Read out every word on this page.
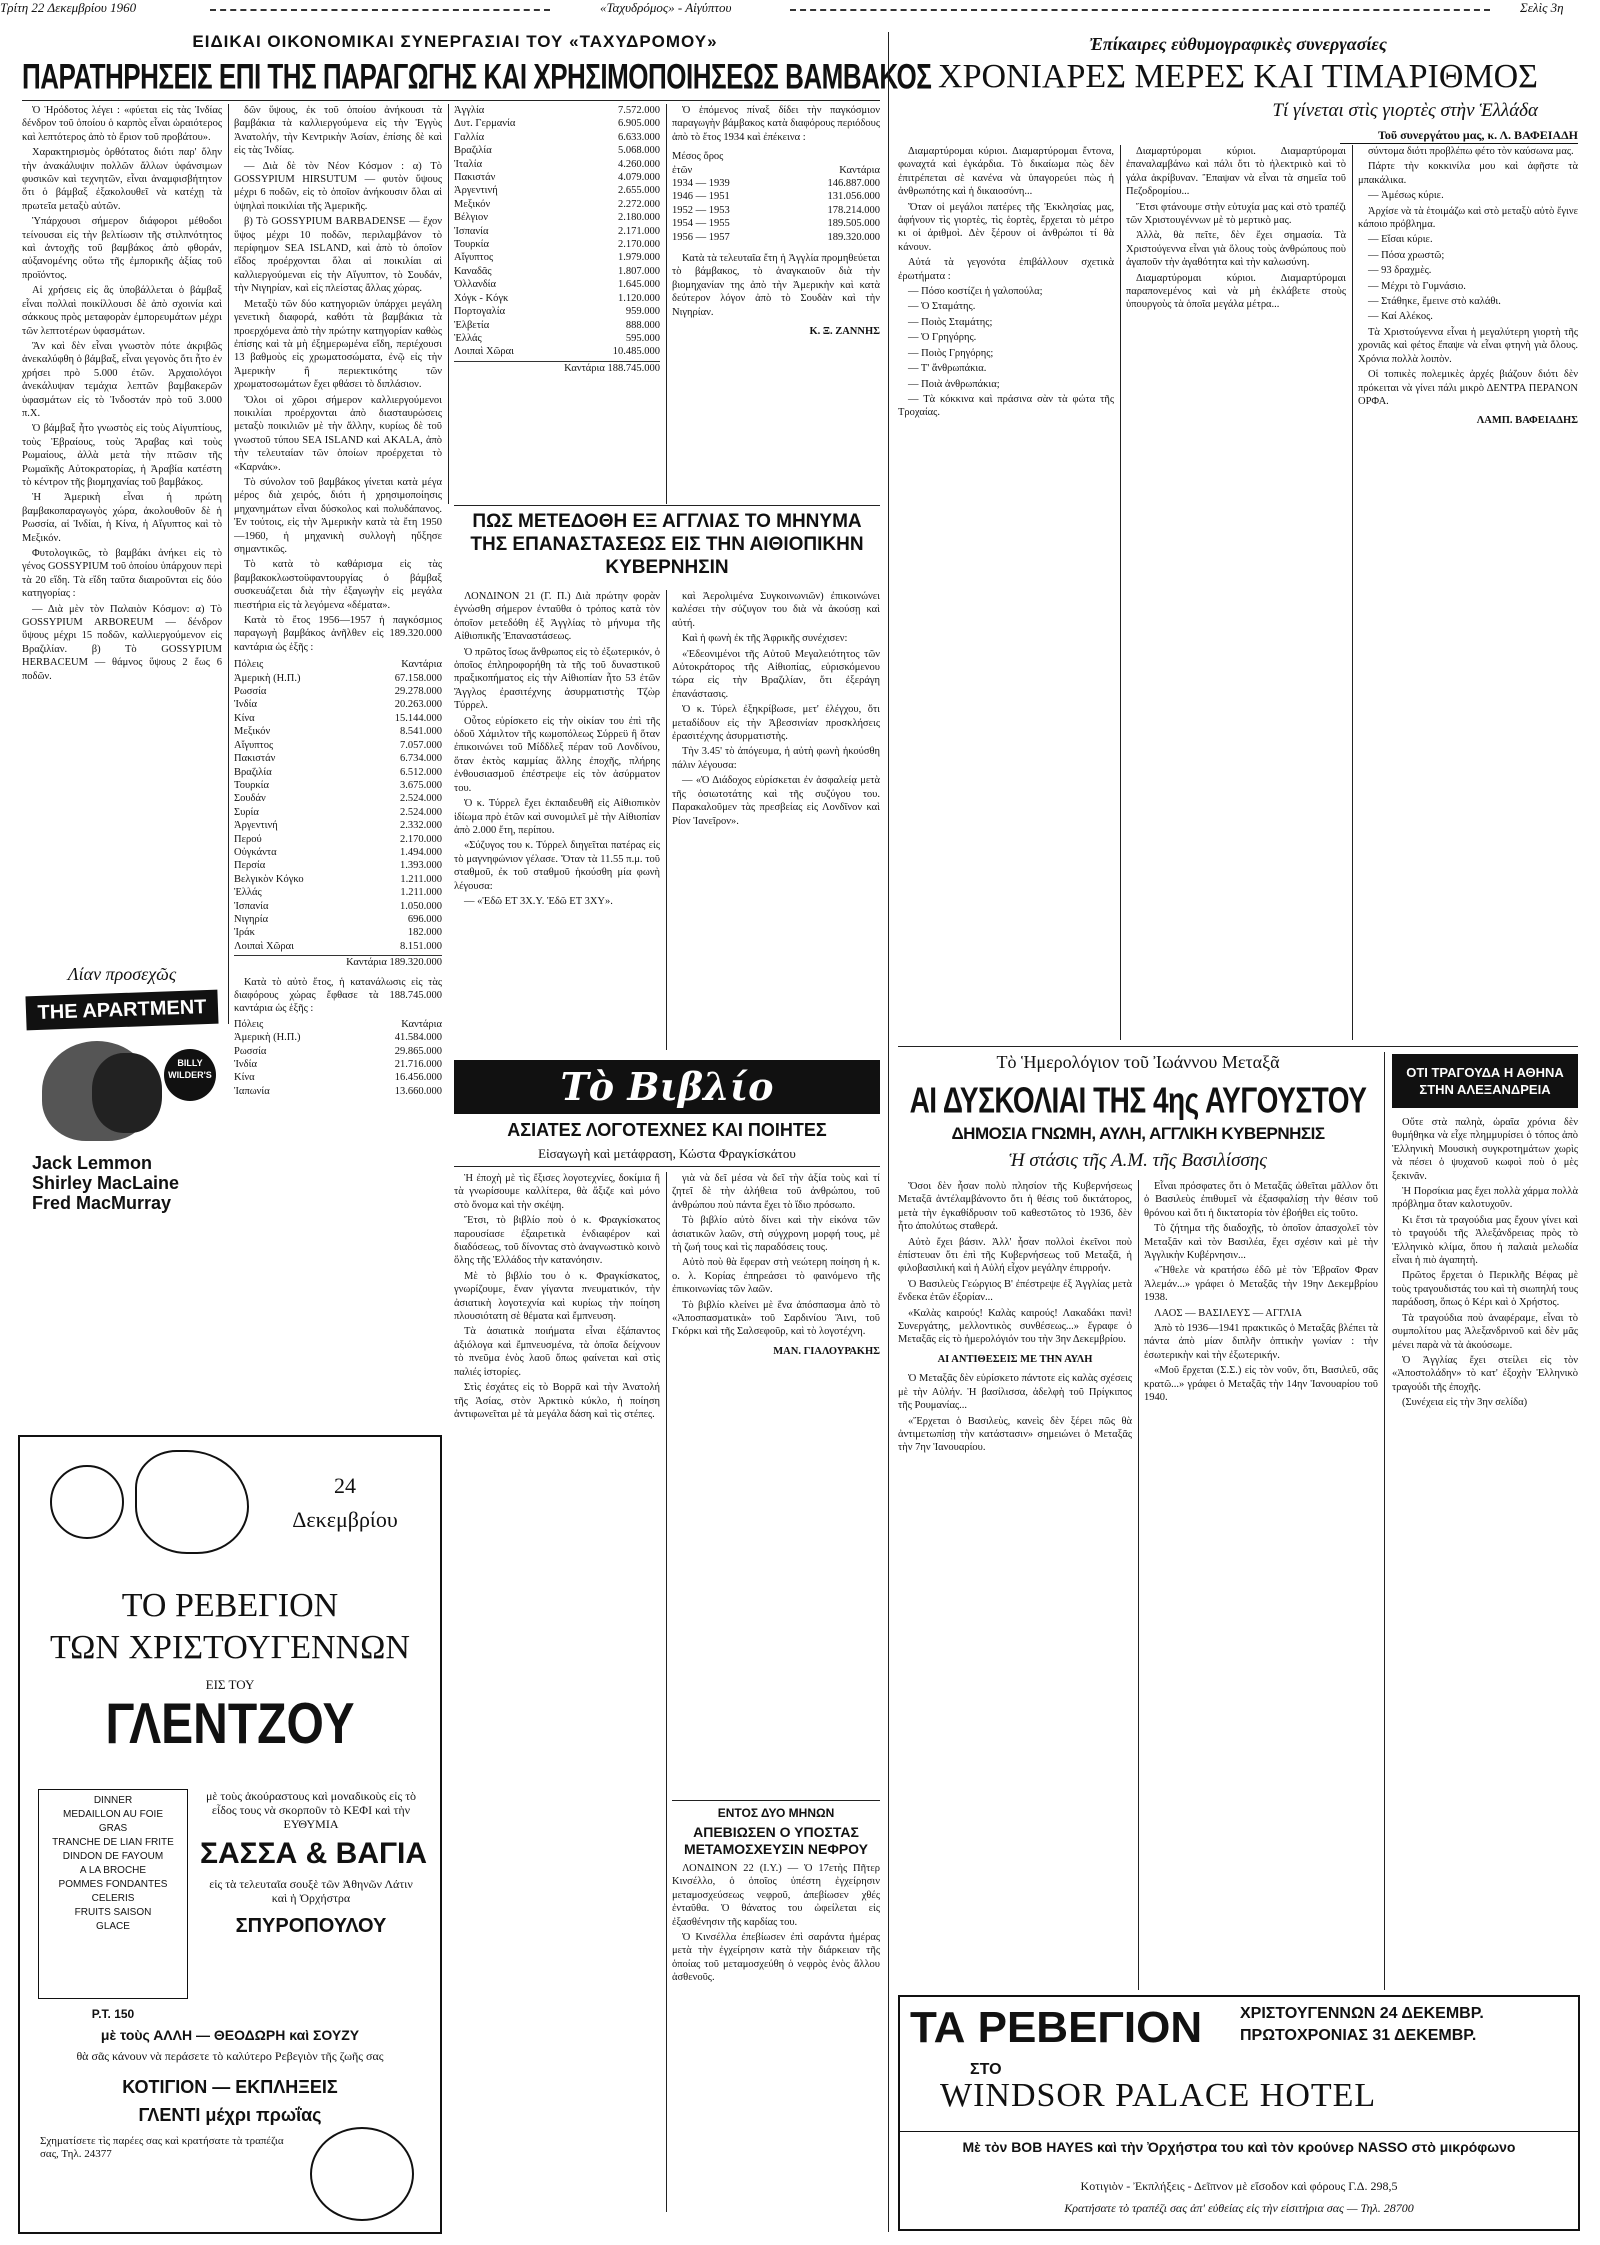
Τρίτη 22 Δεκεμβρίου 1960	«Ταχυδρόμος» - Αἰγύπτου	Σελὶς 3η
ΕΙΔΙΚΑΙ ΟΙΚΟΝΟΜΙΚΑΙ ΣΥΝΕΡΓΑΣΙΑΙ ΤΟΥ «ΤΑΧΥΔΡΟΜΟΥ»
ΠΑΡΑΤΗΡΗΣΕΙΣ ΕΠΙ ΤΗΣ ΠΑΡΑΓΩΓΗΣ ΚΑΙ ΧΡΗΣΙΜΟΠΟΙΗΣΕΩΣ ΒΑΜΒΑΚΟΣ

Ὁ Ἡρόδοτος λέγει : «φύεται εἰς τὰς Ἰνδίας δένδρον τοῦ ὁποίου ὁ καρπὸς εἶναι ὡραιότερος καὶ λεπτότερος ἀπὸ τὸ ἔριον τοῦ προβάτου».

Χαρακτηρισμὸς ὀρθότατος διότι παρ' ὅλην τὴν ἀνακάλυψιν πολλῶν ἄλλων ὑφάνσιμων φυσικῶν καὶ τεχνητῶν, εἶναι ἀναμφισβήτητον ὅτι ὁ βάμβαξ ἐξακολουθεῖ νὰ κατέχῃ τὰ πρωτεῖα μεταξὺ αὐτῶν.

Ὑπάρχουσι σήμερον διάφοροι μέθοδοι τείνουσαι εἰς τὴν βελτίωσιν τῆς στιλπνότητος καὶ ἀντοχῆς τοῦ βαμβάκος ἀπὸ φθοράν, αὐξανομένης οὕτω τῆς ἐμπορικῆς ἀξίας τοῦ προϊόντος.

Αἱ χρήσεις εἰς ἃς ὑποβάλλεται ὁ βάμβαξ εἶναι πολλαὶ ποικίλλουσι δὲ ἀπὸ σχοινία καὶ σάκκους πρὸς μεταφορὰν ἐμπορευμάτων μέχρι τῶν λεπτοτέρων ὑφασμάτων.

Ἂν καὶ δὲν εἶναι γνωστὸν πότε ἀκριβῶς ἀνεκαλύφθη ὁ βάμβαξ, εἶναι γεγονὸς ὅτι ἦτο ἐν χρήσει πρὸ 5.000 ἐτῶν. Ἀρχαιολόγοι ἀνεκάλυψαν τεμάχια λεπτῶν βαμβακερῶν ὑφασμάτων εἰς τὸ Ἰνδοστάν πρὸ τοῦ 3.000 π.Χ.

Ὁ βάμβαξ ἦτο γνωστὸς εἰς τοὺς Αἰγυπτίους, τοὺς Ἑβραίους, τοὺς Ἄραβας καὶ τοὺς Ρωμαίους, ἀλλὰ μετὰ τὴν πτῶσιν τῆς Ρωμαϊκῆς Αὐτοκρατορίας, ἡ Ἀραβία κατέστη τὸ κέντρον τῆς βιομηχανίας τοῦ βαμβάκος.

Ἡ Ἀμερικὴ εἶναι ἡ πρώτη βαμβακοπαραγωγὸς χώρα, ἀκολουθοῦν δὲ ἡ Ρωσσία, αἱ Ἰνδίαι, ἡ Κίνα, ἡ Αἴγυπτος καὶ τὸ Μεξικόν.

Φυτολογικῶς, τὸ βαμβάκι ἀνήκει εἰς τὸ γένος GOSSYPIUM τοῦ ὁποίου ὑπάρχουν περὶ τὰ 20 εἴδη. Τὰ εἴδη ταῦτα διαιροῦνται εἰς δύο κατηγορίας :

— Διὰ μὲν τὸν Παλαιὸν Κόσμον: α) Τὸ GOSSYPIUM ARBOREUM — δένδρον ὕψους μέχρι 15 ποδῶν, καλλιεργούμενον εἰς Βραζιλίαν. β) Τὸ GOSSYPIUM HERBACEUM — θάμνος ὕψους 2 ἕως 6 ποδῶν.

δῶν ὕψους, ἐκ τοῦ ὁποίου ἀνήκουσι τὰ βαμβάκια τὰ καλλιεργούμενα εἰς τὴν Ἐγγὺς Ἀνατολήν, τὴν Κεντρικὴν Ἀσίαν, ἐπίσης δὲ καὶ εἰς τὰς Ἰνδίας.

— Διὰ δὲ τὸν Νέον Κόσμον : α) Τὸ GOSSYPIUM HIRSUTUM — φυτὸν ὕψους μέχρι 6 ποδῶν, εἰς τὸ ὁποῖον ἀνήκουσιν ὅλαι αἱ ὑψηλαὶ ποικιλίαι τῆς Ἀμερικῆς.

β) Τὸ GOSSYPIUM BARBADENSE — ἔχον ὕψος μέχρι 10 ποδῶν, περιλαμβάνον τὸ περίφημον SEA ISLAND, καὶ ἀπὸ τὸ ὁποῖον εἴδος προέρχονται ὅλαι αἱ ποικιλίαι αἱ καλλιεργούμεναι εἰς τὴν Αἴγυπτον, τὸ Σουδάν, τὴν Νιγηρίαν, καὶ εἰς πλείστας ἄλλας χώρας.

Μεταξὺ τῶν δύο κατηγοριῶν ὑπάρχει μεγάλη γενετικὴ διαφορά, καθότι τὰ βαμβάκια τὰ προερχόμενα ἀπὸ τὴν πρώτην κατηγορίαν καθὼς ἐπίσης καὶ τὰ μὴ ἐξημερωμένα εἴδη, περιέχουσι 13 βαθμοὺς εἰς χρωματοσώματα, ἐνῷ εἰς τὴν Ἀμερικὴν ἢ περιεκτικότης τῶν χρωματοσωμάτων ἔχει φθάσει τὸ διπλάσιον.

Ὅλοι οἱ χῶροι σήμερον καλλιεργούμενοι ποικιλίαι προέρχονται ἀπὸ διασταυρώσεις μεταξὺ ποικιλιῶν μὲ τὴν ἄλλην, κυρίως δὲ τοῦ γνωστοῦ τύπου SEA ISLAND καὶ AKALA, ἀπὸ τὴν τελευταίαν τῶν ὁποίων προέρχεται τὸ «Καρνάκ».

Τὸ σύνολον τοῦ βαμβάκος γίνεται κατὰ μέγα μέρος διὰ χειρός, διότι ἡ χρησιμοποίησις μηχανημάτων εἶναι δύσκολος καὶ πολυδάπανος. Ἐν τούτοις, εἰς τὴν Ἀμερικὴν κατὰ τὰ ἔτη 1950—1960, ἡ μηχανικὴ συλλογὴ ηὔξησε σημαντικῶς.

Τὸ κατὰ τὸ καθάρισμα εἰς τὰς βαμβακοκλωστοϋφαντουργίας ὁ βάμβαξ συσκευάζεται διὰ τὴν ἐξαγωγὴν εἰς μεγάλα πιεστήρια εἰς τὰ λεγόμενα «δέματα».

Κατὰ τὸ ἔτος 1956—1957 ἡ παγκόσμιος παραγωγὴ βαμβάκος ἀνῆλθεν εἰς 189.320.000 καντάρια ὡς ἑξῆς :

Πόλεις	Καντάρια
Ἀμερικὴ (Η.Π.)	67.158.000
Ρωσσία	29.278.000
Ἰνδία	20.263.000
Κίνα	15.144.000
Μεξικόν	8.541.000
Αἴγυπτος	7.057.000
Πακιστάν	6.734.000
Βραζιλία	6.512.000
Τουρκία	3.675.000
Σουδάν	2.524.000
Συρία	2.524.000
Ἀργεντινή	2.332.000
Περού	2.170.000
Οὐγκάντα	1.494.000
Περσία	1.393.000
Βελγικὸν Κόγκο	1.211.000
Ἑλλάς	1.211.000
Ἰσπανία	1.050.000
Νιγηρία	696.000
Ἰράκ	182.000
Λοιπαὶ Χῶραι	8.151.000
Καντάρια 189.320.000

Κατὰ τὸ αὐτὸ ἔτος, ἡ κατανάλωσις εἰς τὰς διαφόρους χώρας ἔφθασε τὰ 188.745.000 καντάρια ὡς ἑξῆς :

Πόλεις	Καντάρια
Ἀμερικὴ (Η.Π.)	41.584.000
Ρωσσία	29.865.000
Ἰνδία	21.716.000
Κίνα	16.456.000
Ἰαπωνία	13.660.000
Ἀγγλία	7.572.000
Δυτ. Γερμανία	6.905.000
Γαλλία	6.633.000
Βραζιλία	5.068.000
Ἰταλία	4.260.000
Πακιστάν	4.079.000
Ἀργεντινή	2.655.000
Μεξικόν	2.272.000
Βέλγιον	2.180.000
Ἰσπανία	2.171.000
Τουρκία	2.170.000
Αἴγυπτος	1.979.000
Καναδᾶς	1.807.000
Ὁλλανδία	1.645.000
Χόγκ - Κόγκ	1.120.000
Πορτογαλία	959.000
Ἑλβετία	888.000
Ἑλλάς	595.000
Λοιπαὶ Χῶραι	10.485.000
Καντάρια 188.745.000

Ὁ ἑπόμενος πίναξ δίδει τὴν παγκόσμιον παραγωγὴν βάμβακος κατὰ διαφόρους περιόδους ἀπὸ τὸ ἔτος 1934 καὶ ἐπέκεινα :

Μέσος ὅρος	
ἐτῶν	Καντάρια
1934 — 1939	146.887.000
1946 — 1951	131.056.000
1952 — 1953	178.214.000
1954 — 1955	189.505.000
1956 — 1957	189.320.000

Κατὰ τὰ τελευταῖα ἔτη ἡ Ἀγγλία προμηθεύεται τὸ βάμβακος, τὸ ἀναγκαιοῦν διὰ τὴν βιομηχανίαν της ἀπὸ τὴν Ἀμερικὴν καὶ κατὰ δεύτερον λόγον ἀπὸ τὸ Σουδὰν καὶ τὴν Νιγηρίαν.

Κ. Ξ. ΖΑΝΝΗΣ
ΠΩΣ ΜΕΤΕΔΟΘΗ ΕΞ ΑΓΓΛΙΑΣ ΤΟ ΜΗΝΥΜΑ ΤΗΣ ΕΠΑΝΑΣΤΑΣΕΩΣ ΕΙΣ ΤΗΝ ΑΙΘΙΟΠΙΚΗΝ ΚΥΒΕΡΝΗΣΙΝ

ΛΟΝΔΙΝΟΝ 21 (Γ. Π.) Διὰ πρώτην φορὰν ἐγνώσθη σήμερον ἐνταῦθα ὁ τρόπος κατὰ τὸν ὁποῖον μετεδόθη ἐξ Ἀγγλίας τὸ μήνυμα τῆς Αἰθιοπικῆς Ἐπαναστάσεως.

Ὁ πρῶτος ἴσως ἄνθρωπος εἰς τὸ ἐξωτερικόν, ὁ ὁποῖος ἐπληροφορήθη τὰ τῆς τοῦ δυναστικοῦ πραξικοπήματος εἰς τὴν Αἰθιοπίαν ἦτο 53 ἐτῶν Ἄγγλος ἐρασιτέχνης ἀσυρματιστὴς Τζὼρ Τύρρελ.

Οὗτος εὑρίσκετο εἰς τὴν οἰκίαν του ἐπὶ τῆς ὁδοῦ Χάμιλτον τῆς κωμοπόλεως Σύρρεϋ ἢ ὅταν ἐπικοινώνει τοῦ Μίδδλεξ πέραν τοῦ Λονδίνου, ὅταν ἐκτὸς καμμίας ἄλλης ἐποχῆς, πλήρης ἐνθουσιασμοῦ ἐπέστρεψε εἰς τὸν ἀσύρματον του.

Ὁ κ. Τύρρελ ἔχει ἐκπαιδευθῆ εἰς Αἰθιοπικὸν ἰδίωμα πρὸ ἐτῶν καὶ συνομιλεῖ μὲ τὴν Αἰθιοπίαν ἀπὸ 2.000 ἔτη, περίπου.

«Σύζυγος του κ. Τύρρελ διηγεῖται πατέρας εἰς τὸ μαγνηφώνιον γέλασε. Ὅταν τὰ 11.55 π.μ. τοῦ σταθμοῦ, ἐκ τοῦ σταθμοῦ ἡκούσθη μία φωνὴ λέγουσα:

— «Ἐδῶ ΕΤ 3Χ.Υ. Ἐδῶ ΕΤ 3ΧΥ».

καὶ Ἀερολιμένα Συγκοινωνιῶν) ἐπικοινώνει καλέσει τὴν σύζυγον του διὰ νὰ ἀκούσῃ καὶ αὐτή.

Καὶ ἡ φωνὴ ἐκ τῆς Ἀφρικῆς συνέχισεν:

«Ἐδεονιμένοι τῆς Αὐτοῦ Μεγαλειότητος τῶν Αὐτοκράτορος τῆς Αἰθιοπίας, εὑρισκόμενου τώρα εἰς τὴν Βραζιλίαν, ὅτι ἐξεράγη ἐπανάστασις.

Ὁ κ. Τύρελ ἐξηκρίβωσε, μετ' ἐλέγχου, ὅτι μεταδίδουν εἰς τὴν Ἀβεσσινίαν προσκλήσεις ἐρασιτέχνης ἀσυρματιστὴς.

Τὴν 3.45' τὸ ἀπόγευμα, ἡ αὐτὴ φωνὴ ἠκούσθη πάλιν λέγουσα:

— «Ὁ Διάδοχος εὑρίσκεται ἐν ἀσφαλείᾳ μετὰ τῆς ὁσιωτοτάτης καὶ τῆς συζύγου του. Παρακαλοῦμεν τὰς πρεσβείας εἰς Λονδῖνον καὶ Ρίον Ἰανεῖρον».

Λίαν προσεχῶς
THE APARTMENT
BILLY WILDER'S
Jack Lemmon
Shirley MacLaine
Fred MacMurray
24
Δεκεμβρίου
ΤΟ ΡΕΒΕΓΙΟΝ
ΤΩΝ ΧΡΙΣΤΟΥΓΕΝΝΩΝ
ΕΙΣ ΤΟΥ
ΓΛΕΝΤΖΟΥ
DINNER
MEDAILLON AU FOIE
GRAS
TRANCHE DE LIAN FRITE
DINDON DE FAYOUM
A LA BROCHE
POMMES FONDANTES
CELERIS
FRUITS SAISON
GLACE
P.T. 150
μὲ τοὺς ἀκούραστους καὶ μοναδικοὺς εἰς τὸ εἶδος τους νὰ σκορποῦν τὸ ΚΕΦΙ καὶ τὴν ΕΥΘΥΜΙΑ
ΣΑΣΣΑ & ΒΑΓΙΑ
εἰς τὰ τελευταῖα σουξὲ τῶν Ἀθηνῶν Λάτιν καὶ ἡ Ὀρχήστρα
ΣΠΥΡΟΠΟΥΛΟΥ
μὲ τοὺς ΑΛΛΗ — ΘΕΟΔΩΡΗ καὶ ΣΟΥΖΥ
θὰ σᾶς κάνουν νὰ περάσετε τὸ καλύτερο Ρεβεγιὸν τῆς ζωῆς σας
ΚΟΤΙΓΙΟΝ — ΕΚΠΛΗΞΕΙΣ
ΓΛΕΝΤΙ μέχρι πρωΐας
Σχηματίσετε τὶς παρέες σας καὶ κρατήσατε τὰ τραπέζια σας, Τηλ. 24377
Τὸ Βιβλίο
ΑΣΙΑΤΕΣ ΛΟΓΟΤΕΧΝΕΣ ΚΑΙ ΠΟΙΗΤΕΣ
Εἰσαγωγὴ καὶ μετάφραση, Κώστα Φραγκίσκάτου

Ἡ ἐποχὴ μὲ τὶς ἔξισες λογοτεχνίες, δοκίμια ἢ τὰ γνωρίσουμε καλλίτερα, θὰ ἄξιζε καὶ μόνο στὸ ὄνομα καὶ τὴν σκέψη.

Ἔτσι, τὸ βιβλίο ποὺ ὁ κ. Φραγκίσκατος παρουσίασε ἐξαιρετικὰ ἐνδιαφέρον καὶ διαδόσεως, τοῦ δίνοντας στὸ ἀναγνωστικὸ κοινὸ ὅλης τῆς Ἑλλάδος τὴν κατανόησιν.

Μὲ τὸ βιβλίο του ὁ κ. Φραγκίσκατος, γνωρίζουμε, ἔναν γίγαντα πνευματικόν, τὴν ἀσιατικὴ λογοτεχνία καὶ κυρίως τὴν ποίηση πλουσιότατη σὲ θέματα καὶ ἔμπνευση.

Τὰ ἀσιατικὰ ποιήματα εἶναι ἐξάπαντος ἀξιόλογα καὶ ἔμπνευσμένα, τὰ ὁποῖα δείχνουν τὸ πνεῦμα ἑνὸς λαοῦ ὅπως φαίνεται καὶ στὶς παλιές ἱστορίες.

Στὶς ἐσχάτες εἰς τὸ Βορρᾶ καὶ τὴν Ἀνατολή τῆς Ἀσίας, στὸν Ἀρκτικὸ κύκλο, ἡ ποίηση ἀντιφωνεῖται μὲ τὰ μεγάλα δάση καὶ τὶς στέπες.

γιὰ νὰ δεῖ μέσα νὰ δεῖ τὴν ἀξία τοὺς καὶ τί ζητεῖ δὲ τὴν ἀλήθεια τοῦ ἀνθρώπου, τοῦ ἀνθρώπου ποὺ πάντα ἔχει τὸ ἴδιο πρόσωπο.

Τὸ βιβλίο αὐτὸ δίνει καὶ τὴν εἰκόνα τῶν ἀσιατικῶν λαῶν, στὴ σύγχρονη μορφή τους, μὲ τὴ ζωή τους καὶ τὶς παραδόσεις τους.

Αὐτὸ ποὺ θὰ ἔφεραν στὴ νεώτερη ποίηση ἡ κ. ο. λ. Κορίας ἐπηρεάσει τὸ φαινόμενο τῆς ἐπικοινωνίας τῶν λαῶν.

Τὸ βιβλίο κλείνει μὲ ἕνα ἀπόσπασμα ἀπὸ τὸ «Ἀποσπασματικὰ» τοῦ Σαρδινίου Ἄινι, τοῦ Γκόρκι καὶ τῆς Σαλσεφοῦρ, καὶ τὸ λογοτέχνη.

ΜΑΝ. ΓΙΑΛΟΥΡΑΚΗΣ
ΕΝΤΟΣ ΔΥΟ ΜΗΝΩΝ
ΑΠΕΒΙΩΣΕΝ Ο ΥΠΟΣΤΑΣ ΜΕΤΑΜΟΣΧΕΥΣΙΝ ΝΕΦΡΟΥ

ΛΟΝΔΙΝΟΝ 22 (Ι.Υ.) — Ὁ 17ετὴς Πῆτερ Κινσέλλο, ὁ ὁποῖος ὑπέστη ἐγχείρησιν μεταμοσχεύσεως νεφροῦ, ἀπεβίωσεν χθές ἐνταῦθα. Ὁ θάνατος του ὠφείλεται εἰς ἐξασθένησιν τῆς καρδίας του.

Ὁ Κινσέλλα ἐπεβίωσεν ἐπὶ σαράντα ἡμέρας μετὰ τὴν ἐγχείρησιν κατὰ τὴν διάρκειαν τῆς ὁποίας τοῦ μεταμοσχεύθη ὁ νεφρὸς ἑνὸς ἄλλου ἀσθενοῦς.

Ἐπίκαιρες εὐθυμογραφικὲς συνεργασίες
ΧΡΟΝΙΑΡΕΣ ΜΕΡΕΣ ΚΑΙ ΤΙΜΑΡΙΘΜΟΣ
Τί γίνεται στὶς γιορτὲς στὴν Ἑλλάδα
Τοῦ συνεργάτου μας, κ. Λ. ΒΑΦΕΙΑΔΗ

Διαμαρτύρομαι κύριοι. Διαμαρτύρομαι ἔντονα, φωναχτά καὶ ἐγκάρδια. Τὸ δικαίωμα πὼς δὲν ἐπιτρέπεται σὲ κανένα νὰ ὑπαγορεύει πὼς ἡ ἀνθρωπότης καὶ ἡ δικαιοσύνη...

Ὅταν οἱ μεγάλοι πατέρες τῆς Ἐκκλησίας μας, ἀφήνουν τὶς γιορτὲς, τὶς ἑορτὲς, ἔρχεται τὸ μέτρο κι οἱ ἀριθμοὶ. Δὲν ξέρουν οἱ ἀνθρώποι τί θὰ κάνουν.

Αὐτά τὰ γεγονότα ἐπιβάλλουν σχετικὰ ἐρωτήματα :

— Πόσο κοστίζει ἡ γαλοπούλα;

— Ὁ Σταμάτης.

— Ποιὸς Σταμάτης;

— Ὁ Γρηγόρης.

— Ποιὸς Γρηγόρης;

— Τ' ἄνθρωπάκια.

— Ποιὰ ἀνθρωπάκια;

— Τὰ κόκκινα καὶ πράσινα σὰν τὰ φώτα τῆς Τροχαίας.

Διαμαρτύρομαι κύριοι. Διαμαρτύρομαι ἐπαναλαμβάνω καὶ πάλι ὅτι τὸ ἠλεκτρικὸ καὶ τὸ γάλα ἀκρίβυναν. Ἔπαψαν νὰ εἶναι τὰ σημεῖα τοῦ Πεζοδρομίου...

Ἔτσι φτάνουμε στὴν εὐτυχία μας καὶ στὸ τραπέζι τῶν Χριστουγέννων μὲ τὸ μερτικὸ μας.

Ἀλλὰ, θὰ πεῖτε, δὲν ἔχει σημασία. Τὰ Χριστούγεννα εἶναι γιὰ ὅλους τοὺς ἀνθρώπους ποὺ ἀγαποῦν τὴν ἀγαθότητα καὶ τὴν καλωσύνη.

Διαμαρτύρομαι κύριοι. Διαμαρτύρομαι παραπονεμένος καὶ νὰ μὴ ἐκλάβετε στοὺς ὑπουργοὺς τὰ ὁποῖα μεγάλα μέτρα...

σύντομα διότι προβλέπω φέτο τὸν καύσωνα μας.

Πάρτε τὴν κοκκινίλα μου καὶ ἀφῆστε τὰ μπακάλικα.

— Ἀμέσως κύριε.

Ἀρχίσε νὰ τὰ ἑτοιμάζω καὶ στὸ μεταξὺ αὐτὸ ἔγινε κάποιο πρόβλημα.

— Εἴσαι κύριε.

— Πόσα χρωστῶ;

— 93 δραχμὲς.

— Μέχρι τὸ Γυμνάσιο.

— Στάθηκε, ἔμεινε στὸ καλάθι.

— Καί Αλέκος.

Τὰ Χριστούγεννα εἶναι ἡ μεγαλύτερη γιορτὴ τῆς χρονιᾶς καὶ φέτος ἔπαψε νὰ εἶναι φτηνὴ γιὰ ὅλους. Χρόνια πολλὰ λοιπὸν.

Οἱ τοπικὲς πολεμικὲς ἀρχές βιάζουν διότι δὲν πρόκειται νὰ γίνει πάλι μικρὸ ΔΕΝΤΡΑ ΠΕΡΑΝΟΝ ΟΡΦΑ.

ΛΑΜΠ. ΒΑΦΕΙΑΔΗΣ
Τὸ Ἡμερολόγιον τοῦ Ἰωάννου Μεταξᾶ
ΑΙ ΔΥΣΚΟΛΙΑΙ ΤΗΣ 4ης ΑΥΓΟΥΣΤΟΥ
ΔΗΜΟΣΙΑ ΓΝΩΜΗ, ΑΥΛΗ, ΑΓΓΛΙΚΗ ΚΥΒΕΡΝΗΣΙΣ
Ἡ στάσις τῆς Α.Μ. τῆς Βασιλίσσης

Ὅσοι δὲν ἦσαν πολὺ πλησίον τῆς Κυβερνήσεως Μεταξᾶ ἀντέλαμβάνοντο ὅτι ἡ θέσις τοῦ δικτάτορος, μετὰ τὴν ἐγκαθίδρυσιν τοῦ καθεστῶτος τὸ 1936, δὲν ἦτο ἀπολύτως σταθερά.

Αὐτὸ ἔχει βάσιν. Ἀλλ' ἦσαν πολλοὶ ἐκεῖνοι ποὺ ἐπίστευαν ὅτι ἐπὶ τῆς Κυβερνήσεως τοῦ Μεταξᾶ, ἡ φιλοβασιλική καὶ ἡ Αὐλή εἶχον μεγάλην ἐπιρροήν.

Ὁ Βασιλεὺς Γεώργιος Β' ἐπέστρεψε ἐξ Ἀγγλίας μετὰ ἕνδεκα ἐτῶν ἐξορίαν...

«Καλὰς καιρούς! Καλὰς καιρούς! Λακαδάκι πανὶ! Συνεργάτης, μελλοντικὸς συνθέσεως...» ἔγραφε ὁ Μεταξᾶς εἰς τὸ ἡμερολόγιόν του τὴν 3ην Δεκεμβρίου.

ΑΙ ΑΝΤΙΘΕΣΕΙΣ ΜΕ ΤΗΝ ΑΥΛΗ

Ὁ Μεταξᾶς δὲν εὑρίσκετο πάντοτε εἰς καλὰς σχέσεις μὲ τὴν Αὐλήν. Ἡ βασίλισσα, ἀδελφὴ τοῦ Πρίγκιπος τῆς Ρουμανίας...

«Ἔρχεται ὁ Βασιλεὺς, κανεὶς δὲν ξέρει πῶς θὰ ἀντιμετωπίσῃ τὴν κατάστασιν» σημειώνει ὁ Μεταξᾶς τὴν 7ην Ἰανουαρίου.

Εἶναι πρόσφατες ὅτι ὁ Μεταξᾶς ὠθεῖται μᾶλλον ὅτι ὁ Βασιλεὺς ἐπιθυμεῖ νὰ ἐξασφαλίσῃ τὴν θέσιν τοῦ θρόνου καὶ ὅτι ἡ δικτατορία τὸν ἐβοήθει εἰς τοῦτο.

Τὸ ζήτημα τῆς διαδοχῆς, τὸ ὁποῖον ἀπασχολεῖ τὸν Μεταξᾶν καὶ τὸν Βασιλέα, ἔχει σχέσιν καὶ μὲ τὴν Ἀγγλικὴν Κυβέρνησιν...

«Ἤθελε νὰ κρατήσω ἐδῶ μὲ τὸν Ἑβραῖον Φραν Ἀλεμάν...» γράφει ὁ Μεταξᾶς τὴν 19ην Δεκεμβρίου 1938.

ΛΑΟΣ — ΒΑΣΙΛΕΥΣ — ΑΓΓΛΙΑ

Ἀπὸ τὸ 1936—1941 πρακτικῶς ὁ Μεταξᾶς βλέπει τὰ πάντα ἀπὸ μίαν διπλῆν ὀπτικὴν γωνίαν : τὴν ἐσωτερικὴν καὶ τὴν ἐξωτερικήν.

«Μοῦ ἔρχεται (Σ.Σ.) εἰς τὸν νοῦν, ὅτι, Βασιλεῦ, σᾶς κρατῶ...» γράφει ὁ Μεταξᾶς τὴν 14ην Ἰανουαρίου τοῦ 1940.

ΟΤΙ ΤΡΑΓΟΥΔΑ Η ΑΘΗΝΑ ΣΤΗΝ ΑΛΕΞΑΝΔΡΕΙΑ

Οὔτε στὰ παληὰ, ὡραῖα χρόνια δὲν θυμήθηκα νὰ εἶχε πλημμυρίσει ὁ τόπος ἀπὸ Ἑλληνικὴ Μουσικὴ συγκροτημάτων χωρὶς νὰ πέσει ὁ ψυχανοῦ κωφοὶ ποὺ ὁ μὲς ξεκινᾶν.

Ἡ Πορσίκια μας ἔχει πολλὰ χάρμα πολλὰ πρόβλημα ὅταν καλοτυχοῦν.

Κι ἔτσι τὰ τραγούδια μας ἔχουν γίνει καὶ τὸ τραγούδι τῆς Ἀλεξάνδρειας πρὸς τὸ Ἑλληνικὸ κλίμα, ὅπου ἡ παλαιὰ μελωδία εἶναι ἡ πιὸ ἀγαπητὴ.

Πρῶτος ἔρχεται ὁ Περικλῆς Βέφας μὲ τοὺς τραγουδιστάς του καὶ τὴ σιωπηλή τους παράδοση, ὅπως ὁ Κέρι καὶ ὁ Χρήστος.

Τὰ τραγούδια ποὺ ἀναφέραμε, εἶναι τὸ συμπολίτου μας Ἀλεξανδρινοῦ καὶ δὲν μᾶς μένει παρὰ νὰ τὰ ἀκούσωμε.

Ὁ Ἀγγλίας ἔχει στείλει εἰς τὸν «Ἀποστολάδην» τὸ κατ' ἐξοχὴν Ἑλληνικὸ τραγούδι τῆς ἐποχῆς.

(Συνέχεια εἰς τὴν 3ην σελίδα)

ΤΑ ΡΕΒΕΓΙΟΝ ΧΡΙΣΤΟΥΓΕΝΝΩΝ 24 ΔΕΚΕΜΒΡ.
ΠΡΩΤΟΧΡΟΝΙΑΣ 31 ΔΕΚΕΜΒΡ.
ΣΤΟ
WINDSOR PALACE HOTEL
Μὲ τὸν BOB HAYES καὶ τὴν Ὀρχήστρα του καὶ τὸν κρούνερ NASSO στὸ μικρόφωνο
Κοτιγιὸν - Ἐκπλήξεις - Δεῖπνον μὲ εἴσοδον καὶ φόρους Γ.Δ. 298,5
Κρατήσατε τὸ τραπέζι σας ἀπ' εὐθείας εἰς τὴν εἰσιτήρια σας — Τηλ. 28700
